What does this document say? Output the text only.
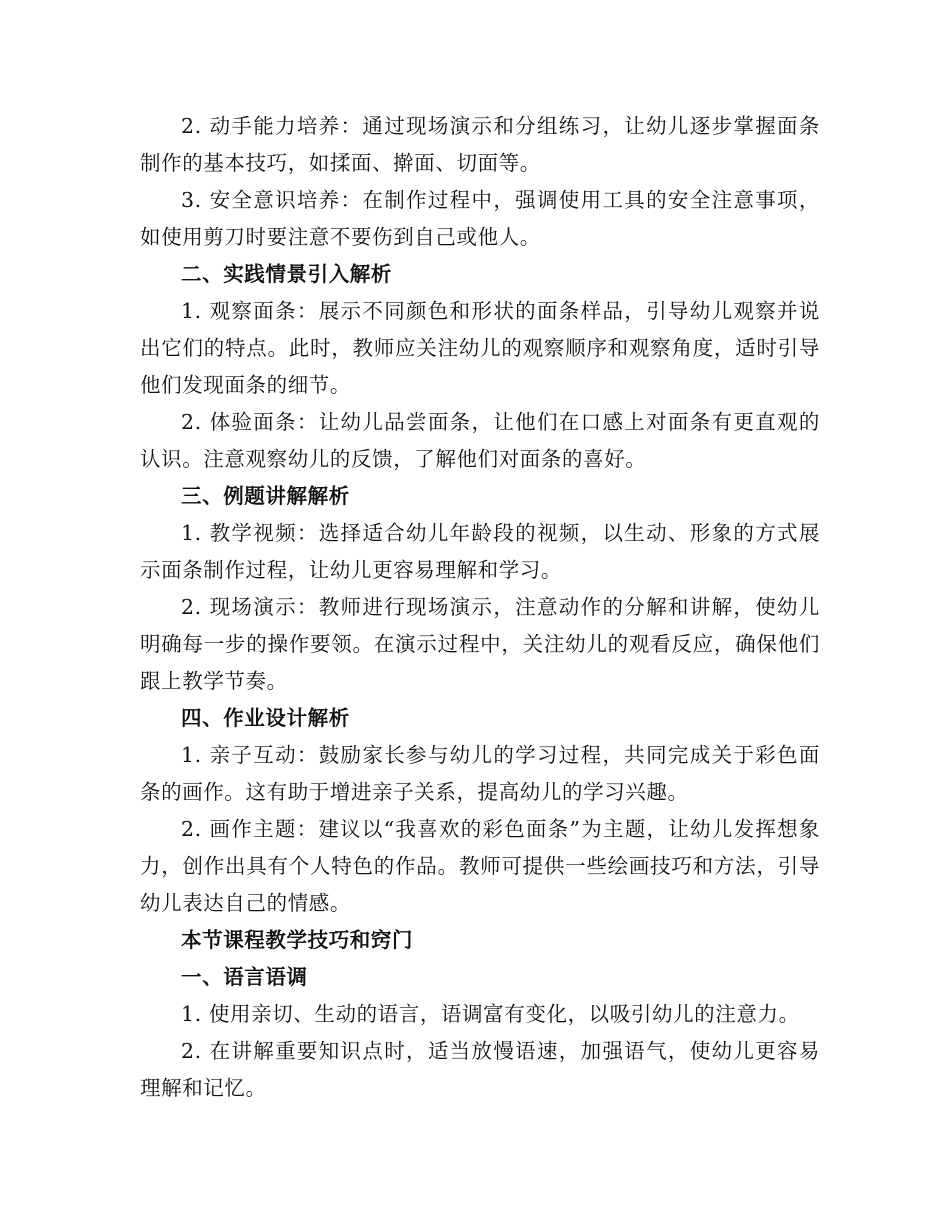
2. 动手能力培养：通过现场演示和分组练习，让幼儿逐步掌握面条制作的基本技巧，如揉面、擀面、切面等。

3. 安全意识培养：在制作过程中，强调使用工具的安全注意事项，如使用剪刀时要注意不要伤到自己或他人。

二、实践情景引入解析

1. 观察面条：展示不同颜色和形状的面条样品，引导幼儿观察并说出它们的特点。此时，教师应关注幼儿的观察顺序和观察角度，适时引导他们发现面条的细节。

2. 体验面条：让幼儿品尝面条，让他们在口感上对面条有更直观的认识。注意观察幼儿的反馈，了解他们对面条的喜好。

三、例题讲解解析

1. 教学视频：选择适合幼儿年龄段的视频，以生动、形象的方式展示面条制作过程，让幼儿更容易理解和学习。

2. 现场演示：教师进行现场演示，注意动作的分解和讲解，使幼儿明确每一步的操作要领。在演示过程中，关注幼儿的观看反应，确保他们跟上教学节奏。

四、作业设计解析

1. 亲子互动：鼓励家长参与幼儿的学习过程，共同完成关于彩色面条的画作。这有助于增进亲子关系，提高幼儿的学习兴趣。

2. 画作主题：建议以“我喜欢的彩色面条”为主题，让幼儿发挥想象力，创作出具有个人特色的作品。教师可提供一些绘画技巧和方法，引导幼儿表达自己的情感。

本节课程教学技巧和窍门

一、语言语调

1. 使用亲切、生动的语言，语调富有变化，以吸引幼儿的注意力。

2. 在讲解重要知识点时，适当放慢语速，加强语气，使幼儿更容易理解和记忆。
